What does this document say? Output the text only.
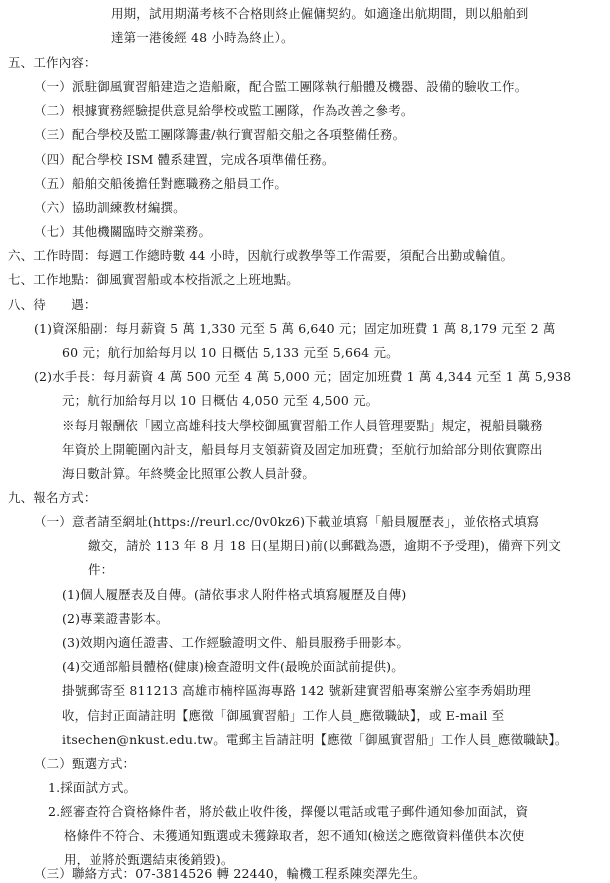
用期，試用期滿考核不合格則終止僱傭契約。如適逢出航期間，則以船舶到
達第一港後經 48 小時為終止）。
五、工作內容：
（一）派駐御風實習船建造之造船廠，配合監工團隊執行船體及機器、設備的驗收工作。
（二）根據實務經驗提供意見給學校或監工團隊，作為改善之參考。
（三）配合學校及監工團隊籌畫/執行實習船交船之各項整備任務。
（四）配合學校 ISM 體系建置，完成各項準備任務。
（五）船舶交船後擔任對應職務之船員工作。
（六）協助訓練教材編撰。
（七）其他機關臨時交辦業務。
六、工作時間：每週工作總時數 44 小時，因航行或教學等工作需要，須配合出勤或輪值。
七、工作地點：御風實習船或本校指派之上班地點。
八、待　　遇：
(1)資深船副：每月薪資 5 萬 1,330 元至 5 萬 6,640 元；固定加班費 1 萬 8,179 元至 2 萬
60 元；航行加給每月以 10 日概估 5,133 元至 5,664 元。
(2)水手長：每月薪資 4 萬 500 元至 4 萬 5,000 元；固定加班費 1 萬 4,344 元至 1 萬 5,938
元；航行加給每月以 10 日概估 4,050 元至 4,500 元。
※每月報酬依「國立高雄科技大學校御風實習船工作人員管理要點」規定，視船員職務
年資於上開範圍內計支，船員每月支領薪資及固定加班費；至航行加給部分則依實際出
海日數計算。年終獎金比照軍公教人員計發。
九、報名方式：
（一）意者請至網址(https://reurl.cc/0v0kz6)下載並填寫「船員履歷表」，並依格式填寫
繳交，請於 113 年 8 月 18 日(星期日)前(以郵戳為憑，逾期不予受理)，備齊下列文
件：
(1)個人履歷表及自傳。(請依事求人附件格式填寫履歷及自傳)
(2)專業證書影本。
(3)效期內適任證書、工作經驗證明文件、船員服務手冊影本。
(4)交通部船員體格(健康)檢查證明文件(最晚於面試前提供)。
掛號郵寄至 811213 高雄市楠梓區海專路 142 號新建實習船專案辦公室李秀娟助理
收，信封正面請註明【應徵「御風實習船」工作人員_應徵職缺】，或 E-mail 至
itsechen@nkust.edu.tw。電郵主旨請註明【應徵「御風實習船」工作人員_應徵職缺】。
（二）甄選方式：
1.採面試方式。
2.經審查符合資格條件者，將於截止收件後，擇優以電話或電子郵件通知參加面試，資
格條件不符合、未獲通知甄選或未獲錄取者，恕不通知(檢送之應徵資料僅供本次使
用，並將於甄選結束後銷毀)。
（三）聯絡方式：07-3814526 轉 22440，輪機工程系陳奕澤先生。
